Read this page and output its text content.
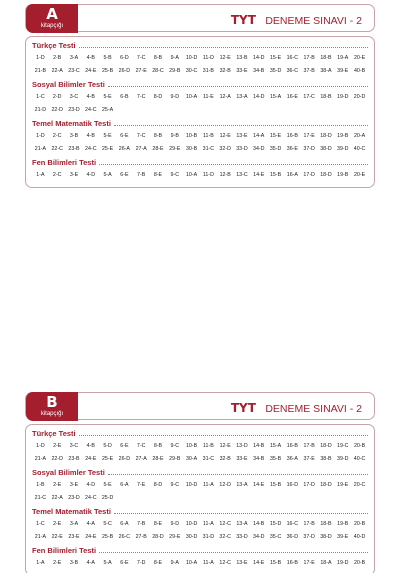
A
kitapçığı	TYT DENEME SINAVI - 2
Türkçe Testi
1-D	2-B	3-A	4-B	5-B	6-D	7-C	8-B	9-A	10-D	11-D	12-E	13-B	14-D	15-E	16-C	17-B	18-B	19-A	20-E
21-B	22-A	23-C	24-E	25-B	26-D	27-E	28-C	29-B	30-C	31-B	32-B	33-E	34-B	35-D	36-C	37-B	38-A	39-E	40-B
Sosyal Bilimler Testi
1-C	2-D	3-C	4-B	5-E	6-B	7-C	8-D	9-D	10-A	11-E	12-A	13-A	14-D	15-A	16-E	17-C	18-B	19-D	20-D
21-D	22-D	23-D	24-C	25-A
Temel Matematik Testi
1-D	2-C	3-B	4-B	5-E	6-E	7-C	8-B	9-B	10-B	11-B	12-E	13-E	14-A	15-E	16-B	17-E	18-D	19-B	20-A
21-A	22-C	23-B	24-C	25-E	26-A	27-A	28-E	29-E	30-B	31-C	32-D	33-D	34-D	35-D	36-E	37-D	38-D	39-D	40-C
Fen Bilimleri Testi
1-A	2-C	3-E	4-D	5-A	6-E	7-B	8-E	9-C	10-A	11-D	12-B	13-C	14-E	15-B	16-A	17-D	18-D	19-B	20-E
B
kitapçığı	TYT DENEME SINAVI - 2
Türkçe Testi
1-D	2-E	3-C	4-B	5-D	6-E	7-C	8-B	9-C	10-B	11-B	12-E	13-D	14-B	15-A	16-B	17-B	18-D	19-C	20-B
21-A	22-D	23-B	24-E	25-E	26-D	27-A	28-E	29-B	30-A	31-C	32-B	33-E	34-B	35-B	36-A	37-E	38-B	39-D	40-C
Sosyal Bilimler Testi
1-B	2-E	3-E	4-D	5-E	6-A	7-E	8-D	9-C	10-D	11-A	12-D	13-A	14-E	15-B	16-D	17-D	18-D	19-E	20-C
21-C	22-A	23-D	24-C	25-D
Temel Matematik Testi
1-C	2-E	3-A	4-A	5-C	6-A	7-B	8-E	9-D	10-D	11-A	12-C	13-A	14-B	15-D	16-C	17-B	18-B	19-B	20-B
21-A	22-E	23-E	24-E	25-B	26-C	27-B	28-D	29-E	30-D	31-D	32-C	33-D	34-D	35-C	36-D	37-D	38-D	39-E	40-D
Fen Bilimleri Testi
1-A	2-E	3-B	4-A	5-A	6-E	7-D	8-E	9-A	10-A	11-A	12-C	13-E	14-E	15-B	16-B	17-E	18-A	19-D	20-B
